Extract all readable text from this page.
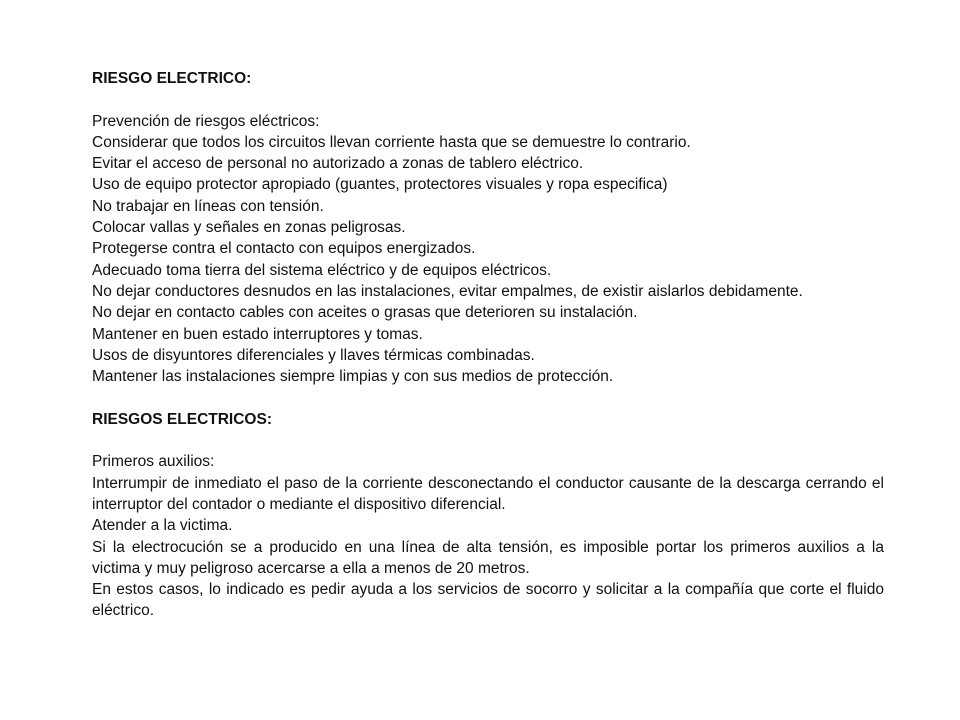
RIESGO ELECTRICO:

Prevención de riesgos eléctricos:

Considerar que todos los circuitos llevan corriente hasta que se demuestre lo contrario.

Evitar el acceso de personal no autorizado a zonas de tablero eléctrico.

Uso de equipo protector apropiado (guantes, protectores visuales y ropa especifica)

No trabajar en líneas con tensión.

Colocar vallas y señales en zonas peligrosas.

Protegerse contra el contacto con equipos energizados.

Adecuado toma tierra del sistema eléctrico y de equipos eléctricos.

No dejar conductores desnudos en las instalaciones, evitar empalmes, de existir aislarlos debidamente.

No dejar en contacto cables con aceites o grasas que deterioren su instalación.

Mantener en buen estado interruptores y tomas.

Usos de disyuntores diferenciales y llaves térmicas combinadas.

Mantener las instalaciones siempre limpias y con sus medios de protección.

RIESGOS ELECTRICOS:

Primeros auxilios:

Interrumpir de inmediato el paso de la corriente desconectando el conductor causante de la descarga cerrando el interruptor del contador o mediante el dispositivo diferencial.

Atender a la victima.

Si la electrocución se a producido en una línea de alta tensión, es imposible portar los primeros auxilios a la victima y muy peligroso acercarse a ella a menos de 20 metros.

En estos casos, lo indicado es pedir ayuda a los servicios de socorro y solicitar a la compañía que corte el fluido eléctrico.
